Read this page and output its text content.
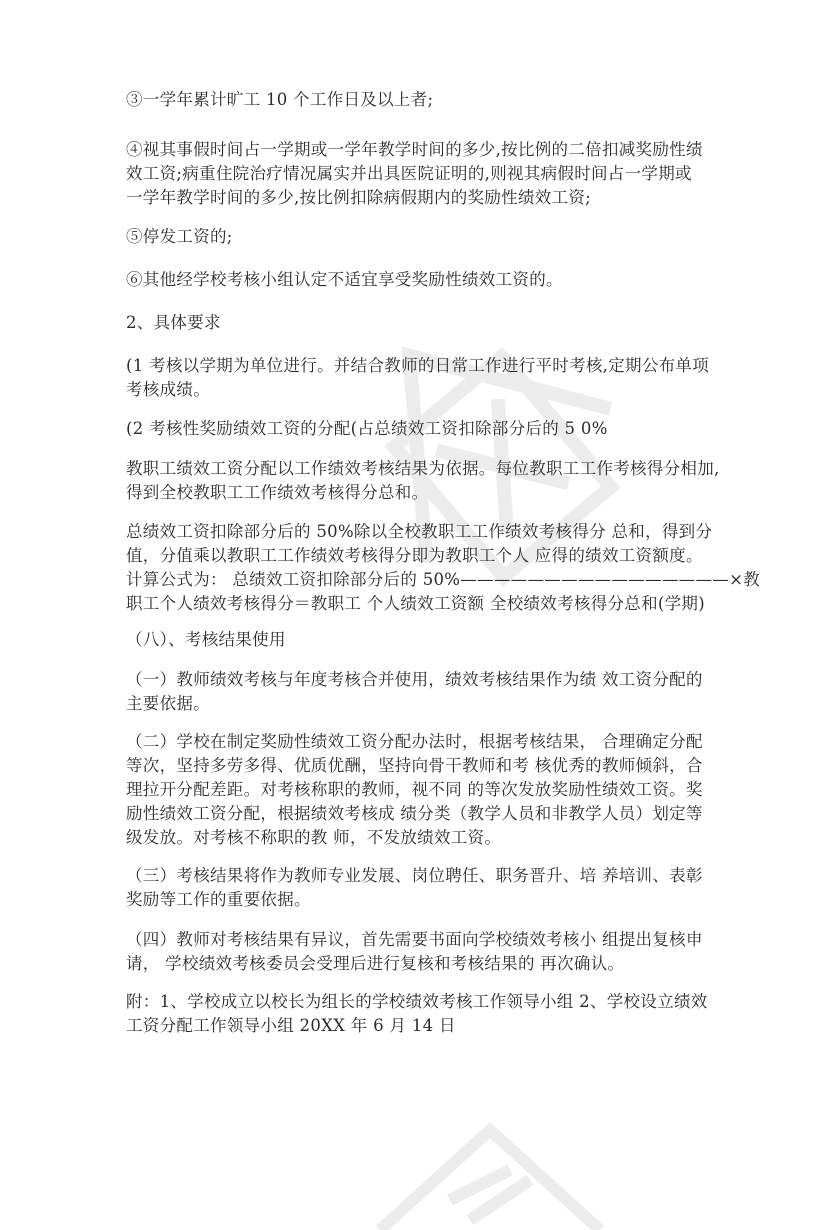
③一学年累计旷工 10 个工作日及以上者;

④视其事假时间占一学期或一学年教学时间的多少,按比例的二倍扣减奖励性绩
效工资;病重住院治疗情况属实并出具医院证明的,则视其病假时间占一学期或
一学年教学时间的多少,按比例扣除病假期内的奖励性绩效工资;

⑤停发工资的;

⑥其他经学校考核小组认定不适宜享受奖励性绩效工资的。

2、具体要求

(1 考核以学期为单位进行。并结合教师的日常工作进行平时考核,定期公布单项
考核成绩。

(2 考核性奖励绩效工资的分配(占总绩效工资扣除部分后的 5 0%

教职工绩效工资分配以工作绩效考核结果为依据。每位教职工工作考核得分相加,
得到全校教职工工作绩效考核得分总和。

总绩效工资扣除部分后的 50%除以全校教职工工作绩效考核得分 总和，得到分
值，分值乘以教职工工作绩效考核得分即为教职工个人 应得的绩效工资额度。
计算公式为： 总绩效工资扣除部分后的 50%————————————————×教
职工个人绩效考核得分＝教职工 个人绩效工资额 全校绩效考核得分总和(学期)

（八）、考核结果使用

（一）教师绩效考核与年度考核合并使用，绩效考核结果作为绩 效工资分配的
主要依据。

（二）学校在制定奖励性绩效工资分配办法时，根据考核结果， 合理确定分配
等次，坚持多劳多得、优质优酬，坚持向骨干教师和考 核优秀的教师倾斜，合
理拉开分配差距。对考核称职的教师，视不同 的等次发放奖励性绩效工资。奖
励性绩效工资分配，根据绩效考核成 绩分类（教学人员和非教学人员）划定等
级发放。对考核不称职的教 师，不发放绩效工资。

（三）考核结果将作为教师专业发展、岗位聘任、职务晋升、培 养培训、表彰
奖励等工作的重要依据。

（四）教师对考核结果有异议，首先需要书面向学校绩效考核小 组提出复核申
请， 学校绩效考核委员会受理后进行复核和考核结果的 再次确认。

附：1、学校成立以校长为组长的学校绩效考核工作领导小组 2、学校设立绩效
工资分配工作领导小组 20XX 年 6 月 14 日
